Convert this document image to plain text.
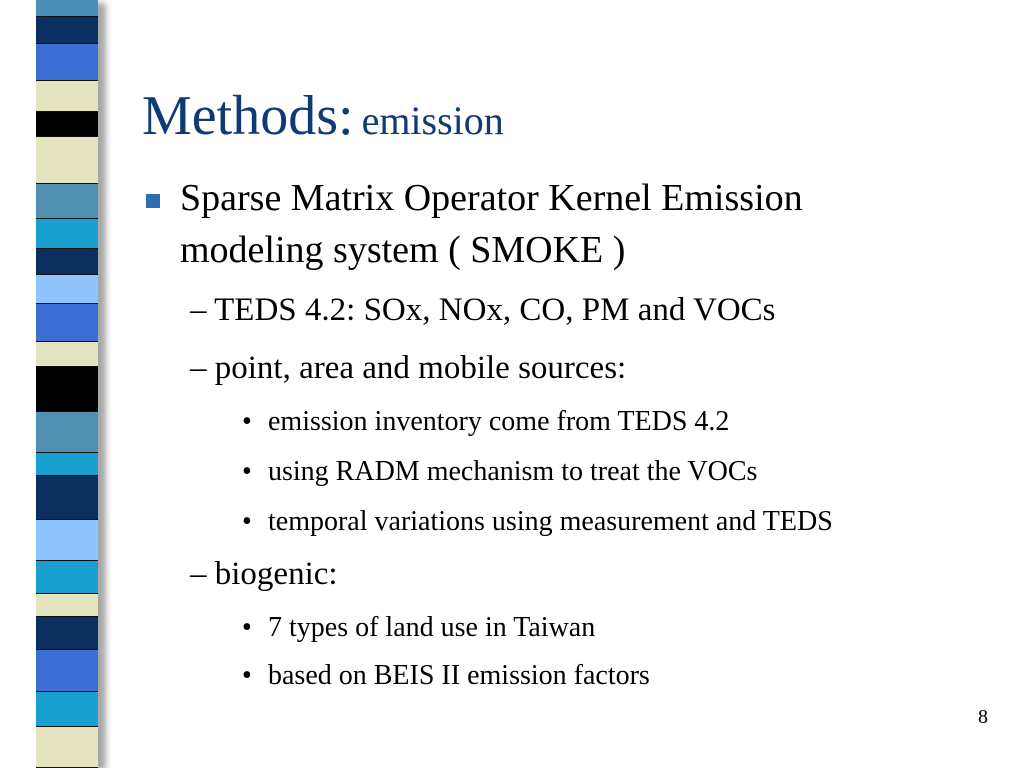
Methods: emission
Sparse Matrix Operator Kernel Emission
modeling system ( SMOKE )
– TEDS 4.2: SOx, NOx, CO, PM and VOCs
– point, area and mobile sources:
• emission inventory come from TEDS 4.2
• using RADM mechanism to treat the VOCs
• temporal variations using measurement and TEDS
– biogenic:
• 7 types of land use in Taiwan
• based on BEIS II emission factors
8
